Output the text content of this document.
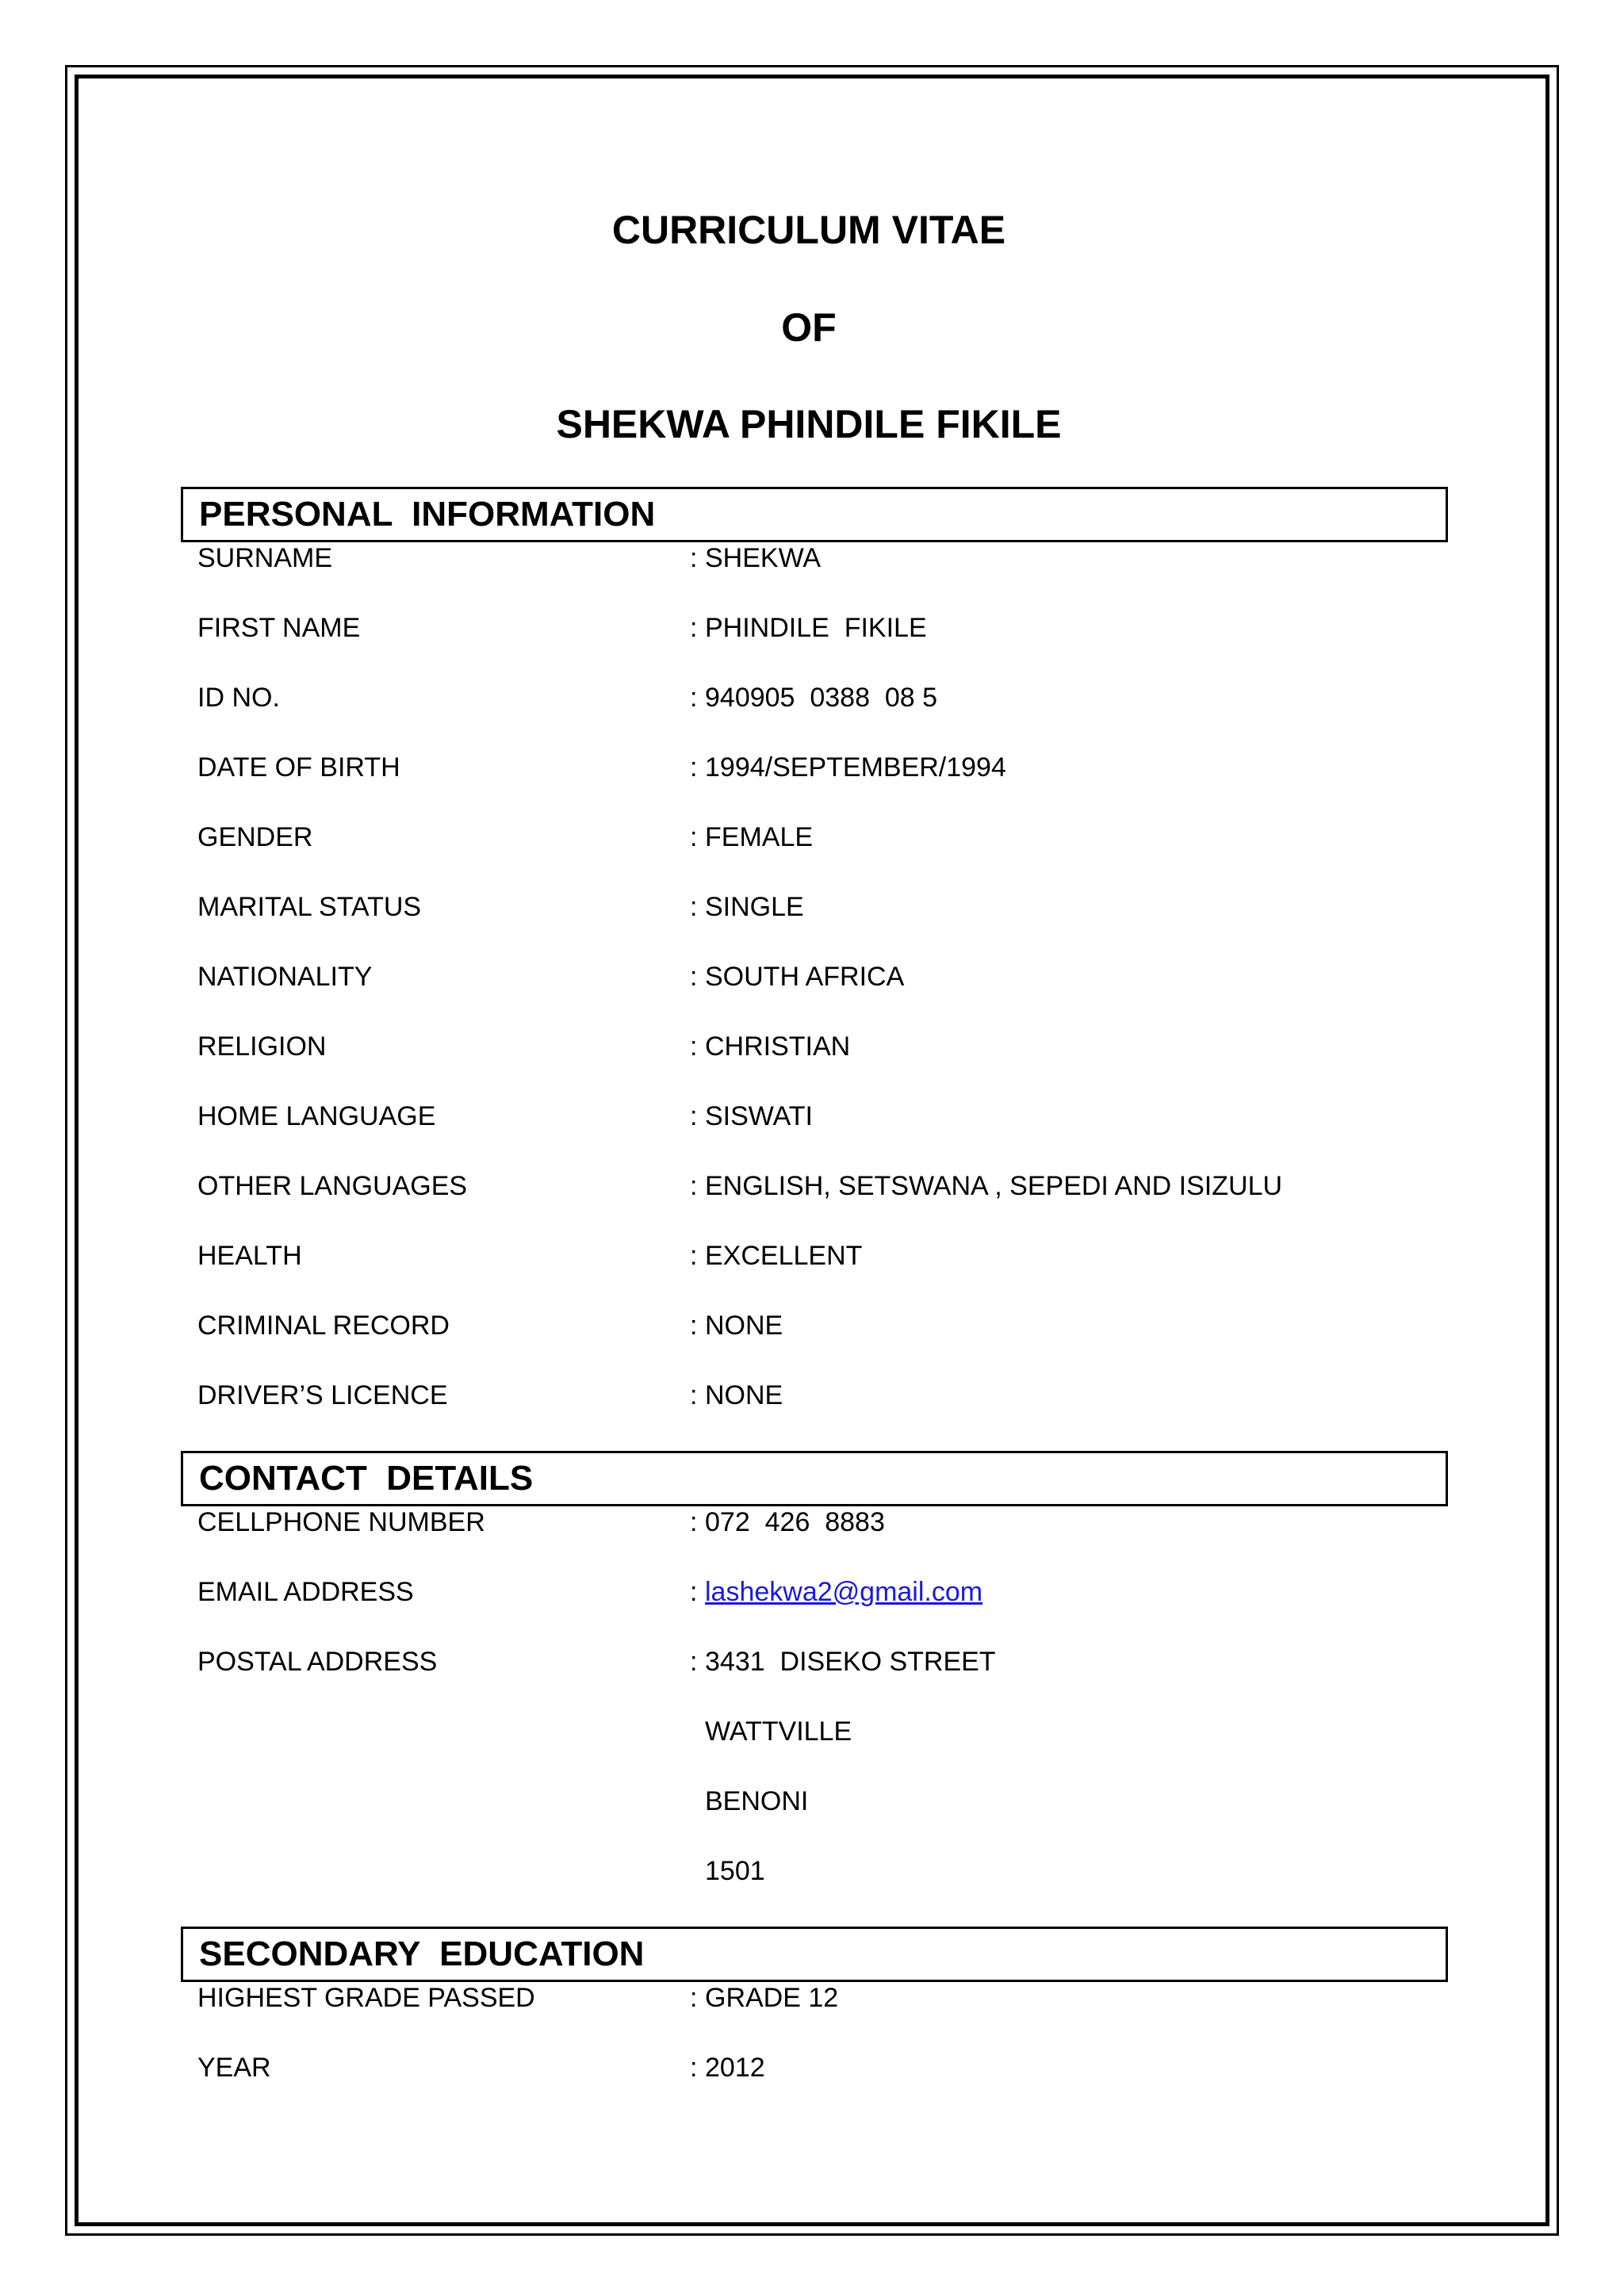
CURRICULUM VITAE
OF
SHEKWA PHINDILE FIKILE
PERSONAL  INFORMATION
SURNAME	: SHEKWA
FIRST NAME	: PHINDILE  FIKILE
ID NO.	: 940905  0388  08 5
DATE OF BIRTH	: 1994/SEPTEMBER/1994
GENDER	: FEMALE
MARITAL STATUS	: SINGLE
NATIONALITY	: SOUTH AFRICA
RELIGION	: CHRISTIAN
HOME LANGUAGE	: SISWATI
OTHER LANGUAGES	: ENGLISH, SETSWANA , SEPEDI AND ISIZULU
HEALTH	: EXCELLENT
CRIMINAL RECORD	: NONE
DRIVER’S LICENCE	: NONE
CONTACT  DETAILS
CELLPHONE NUMBER	: 072  426  8883
EMAIL ADDRESS	: lashekwa2@gmail.com
POSTAL ADDRESS	: 3431  DISEKO STREET
WATTVILLE
BENONI
1501
SECONDARY  EDUCATION
HIGHEST GRADE PASSED	: GRADE 12
YEAR	: 2012
